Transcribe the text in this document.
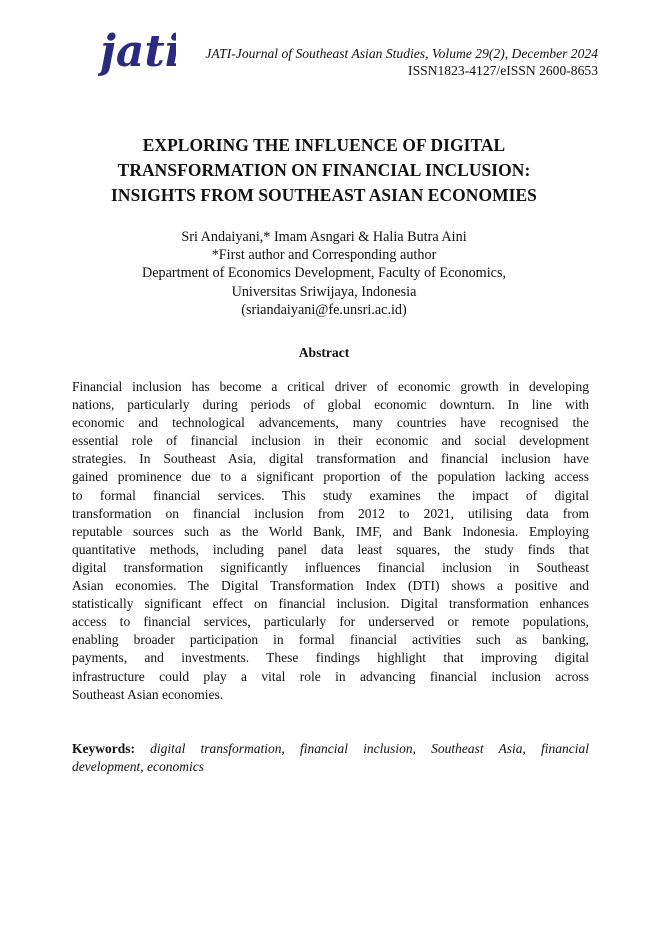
jati JATI-Journal of Southeast Asian Studies, Volume 29(2), December 2024
ISSN1823-4127/eISSN 2600-8653
EXPLORING THE INFLUENCE OF DIGITAL
TRANSFORMATION ON FINANCIAL INCLUSION:
INSIGHTS FROM SOUTHEAST ASIAN ECONOMIES
Sri Andaiyani,* Imam Asngari & Halia Butra Aini
*First author and Corresponding author
Department of Economics Development, Faculty of Economics,
Universitas Sriwijaya, Indonesia
(sriandaiyani@fe.unsri.ac.id)
Abstract
Financial inclusion has become a critical driver of economic growth in developing
nations, particularly during periods of global economic downturn. In line with
economic and technological advancements, many countries have recognised the
essential role of financial inclusion in their economic and social development
strategies. In Southeast Asia, digital transformation and financial inclusion have
gained prominence due to a significant proportion of the population lacking access
to formal financial services. This study examines the impact of digital
transformation on financial inclusion from 2012 to 2021, utilising data from
reputable sources such as the World Bank, IMF, and Bank Indonesia. Employing
quantitative methods, including panel data least squares, the study finds that
digital transformation significantly influences financial inclusion in Southeast
Asian economies. The Digital Transformation Index (DTI) shows a positive and
statistically significant effect on financial inclusion. Digital transformation enhances
access to financial services, particularly for underserved or remote populations,
enabling broader participation in formal financial activities such as banking,
payments, and investments. These findings highlight that improving digital
infrastructure could play a vital role in advancing financial inclusion across
Southeast Asian economies.
Keywords: digital transformation, financial inclusion, Southeast Asia, financial
development, economics
